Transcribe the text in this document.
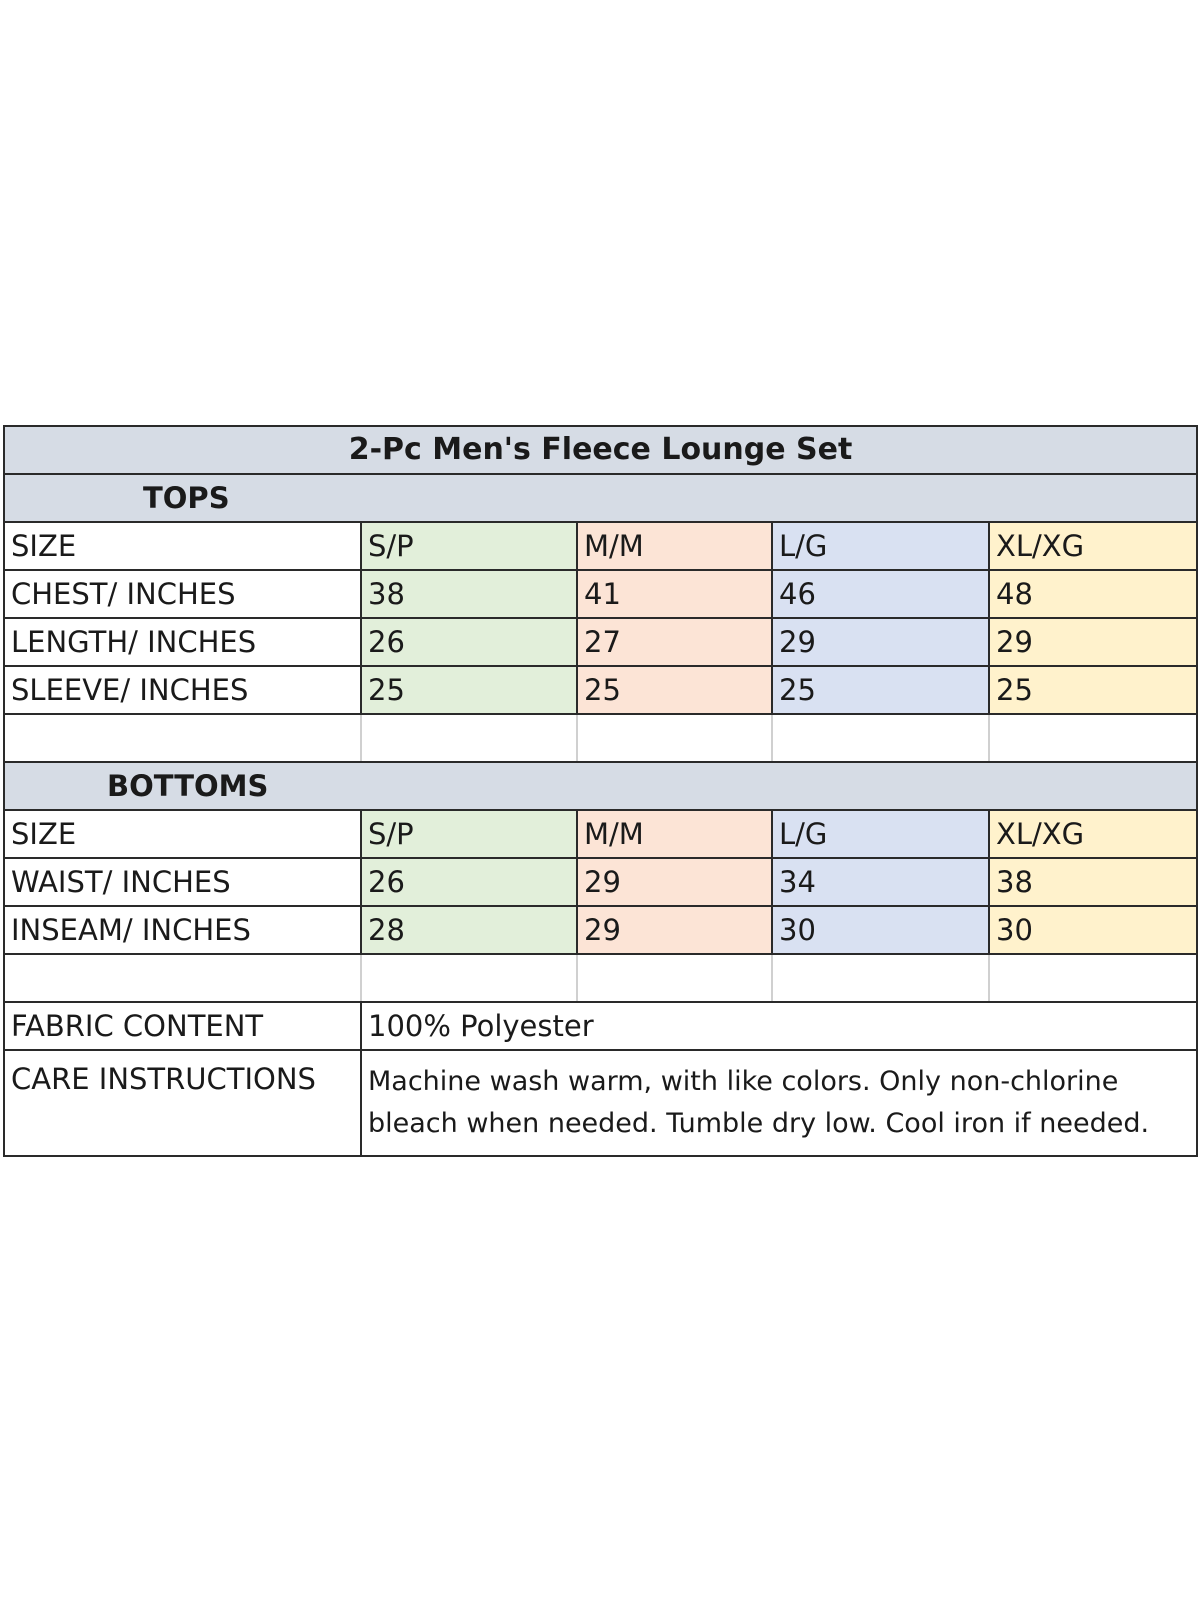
2-Pc Men's Fleece Lounge Set				
TOPS				
SIZE	S/P	M/M	L/G	XL/XG
CHEST/ INCHES	38	41	46	48
LENGTH/ INCHES	26	27	29	29
SLEEVE/ INCHES	25	25	25	25

BOTTOMS				
SIZE	S/P	M/M	L/G	XL/XG
WAIST/ INCHES	26	29	34	38
INSEAM/ INCHES	28	29	30	30

FABRIC CONTENT	100% Polyester			
CARE INSTRUCTIONS	Machine wash warm, with like colors. Only non-chlorine bleach when needed. Tumble dry low. Cool iron if needed.			
